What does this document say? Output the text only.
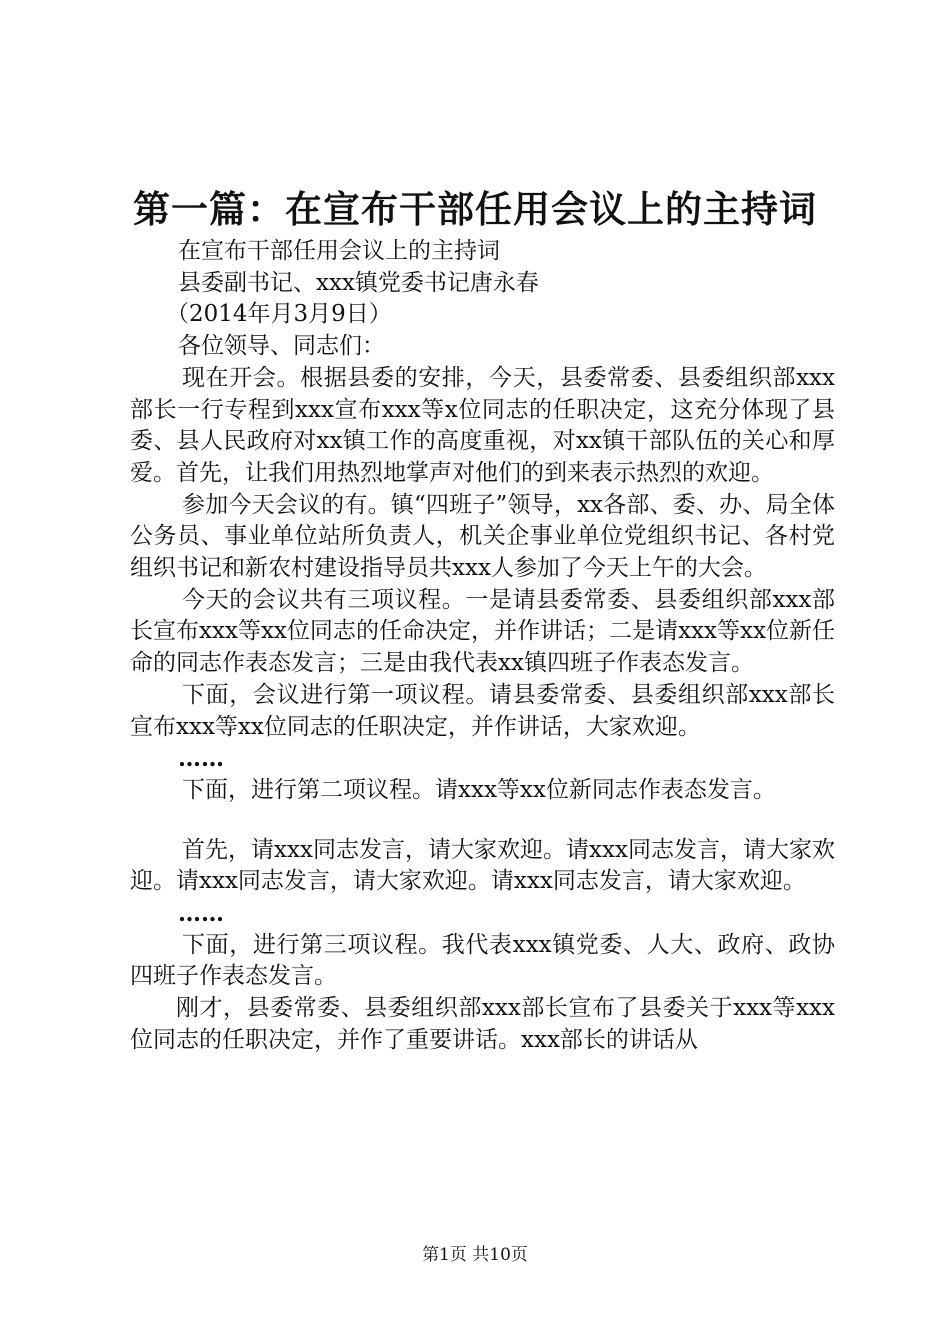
第一篇：在宣布干部任用会议上的主持词

在宣布干部任用会议上的主持词

县委副书记、xxx镇党委书记唐永春

（2014年月3月9日）

各位领导、同志们：

现在开会。根据县委的安排，今天，县委常委、县委组织部xxx部长一行专程到xxx宣布xxx等x位同志的任职决定，这充分体现了县委、县人民政府对xx镇工作的高度重视，对xx镇干部队伍的关心和厚爱。首先，让我们用热烈地掌声对他们的到来表示热烈的欢迎。

参加今天会议的有。镇“四班子”领导，xx各部、委、办、局全体公务员、事业单位站所负责人，机关企事业单位党组织书记、各村党组织书记和新农村建设指导员共xxx人参加了今天上午的大会。

今天的会议共有三项议程。一是请县委常委、县委组织部xxx部长宣布xxx等xx位同志的任命决定，并作讲话；二是请xxx等xx位新任命的同志作表态发言；三是由我代表xx镇四班子作表态发言。

下面，会议进行第一项议程。请县委常委、县委组织部xxx部长宣布xxx等xx位同志的任职决定，并作讲话，大家欢迎。

……

下面，进行第二项议程。请xxx等xx位新同志作表态发言。

首先，请xxx同志发言，请大家欢迎。请xxx同志发言，请大家欢迎。请xxx同志发言，请大家欢迎。请xxx同志发言，请大家欢迎。

……

下面，进行第三项议程。我代表xxx镇党委、人大、政府、政协四班子作表态发言。

刚才，县委常委、县委组织部xxx部长宣布了县委关于xxx等xxx位同志的任职决定，并作了重要讲话。xxx部长的讲话从

第1页 共10页
